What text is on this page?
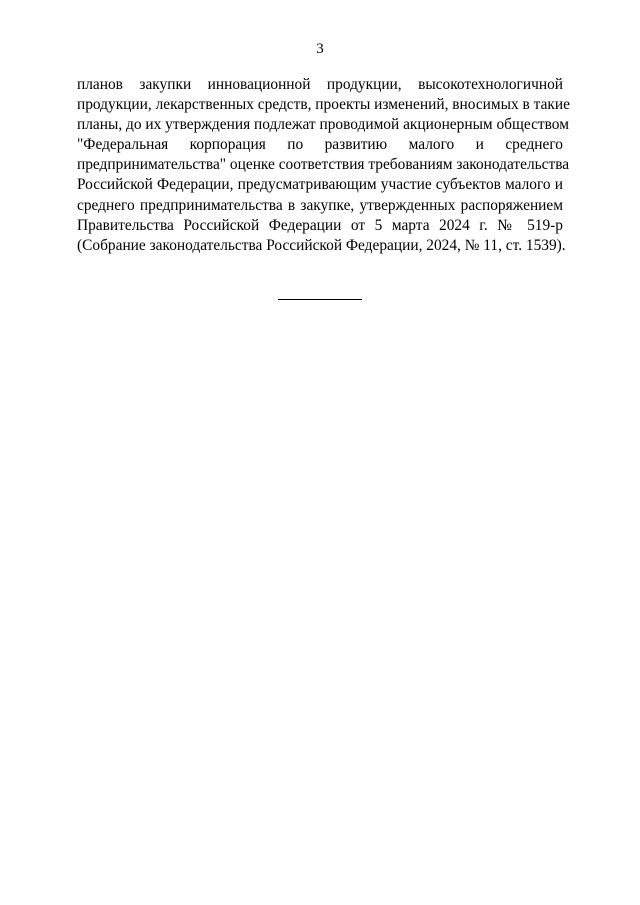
3
планов закупки инновационной продукции, высокотехнологичной
продукции, лекарственных средств, проекты изменений, вносимых в такие
планы, до их утверждения подлежат проводимой акционерным обществом
"Федеральная корпорация по развитию малого и среднего
предпринимательства" оценке соответствия требованиям законодательства
Российской Федерации, предусматривающим участие субъектов малого и
среднего предпринимательства в закупке, утвержденных распоряжением
Правительства Российской Федерации от 5 марта 2024 г. № 519-р
(Собрание законодательства Российской Федерации, 2024, № 11, ст. 1539).
